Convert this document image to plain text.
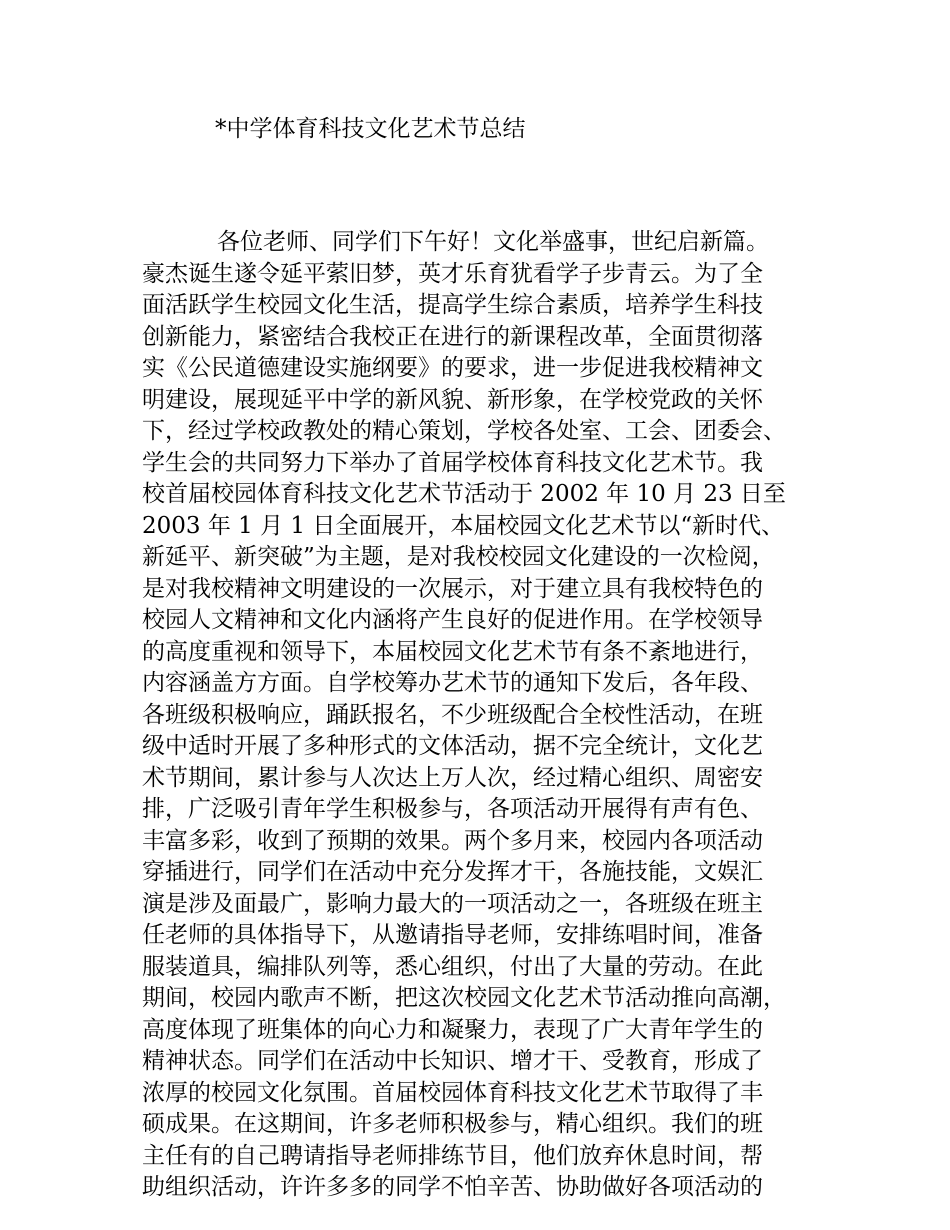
*中学体育科技文化艺术节总结
各位老师、同学们下午好！文化举盛事，世纪启新篇。
豪杰诞生遂令延平萦旧梦，英才乐育犹看学子步青云。为了全
面活跃学生校园文化生活，提高学生综合素质，培养学生科技
创新能力，紧密结合我校正在进行的新课程改革，全面贯彻落
实《公民道德建设实施纲要》的要求，进一步促进我校精神文
明建设，展现延平中学的新风貌、新形象，在学校党政的关怀
下，经过学校政教处的精心策划，学校各处室、工会、团委会、
学生会的共同努力下举办了首届学校体育科技文化艺术节。我
校首届校园体育科技文化艺术节活动于 2002 年 10 月 23 日至
2003 年 1 月 1 日全面展开，本届校园文化艺术节以“新时代、
新延平、新突破”为主题，是对我校校园文化建设的一次检阅，
是对我校精神文明建设的一次展示，对于建立具有我校特色的
校园人文精神和文化内涵将产生良好的促进作用。在学校领导
的高度重视和领导下，本届校园文化艺术节有条不紊地进行，
内容涵盖方方面。自学校筹办艺术节的通知下发后，各年段、
各班级积极响应，踊跃报名，不少班级配合全校性活动，在班
级中适时开展了多种形式的文体活动，据不完全统计，文化艺
术节期间，累计参与人次达上万人次，经过精心组织、周密安
排，广泛吸引青年学生积极参与，各项活动开展得有声有色、
丰富多彩，收到了预期的效果。两个多月来，校园内各项活动
穿插进行，同学们在活动中充分发挥才干，各施技能，文娱汇
演是涉及面最广，影响力最大的一项活动之一，各班级在班主
任老师的具体指导下，从邀请指导老师，安排练唱时间，准备
服装道具，编排队列等，悉心组织，付出了大量的劳动。在此
期间，校园内歌声不断，把这次校园文化艺术节活动推向高潮，
高度体现了班集体的向心力和凝聚力，表现了广大青年学生的
精神状态。同学们在活动中长知识、增才干、受教育，形成了
浓厚的校园文化氛围。首届校园体育科技文化艺术节取得了丰
硕成果。在这期间，许多老师积极参与，精心组织。我们的班
主任有的自己聘请指导老师排练节目，他们放弃休息时间，帮
助组织活动，许许多多的同学不怕辛苦、协助做好各项活动的
